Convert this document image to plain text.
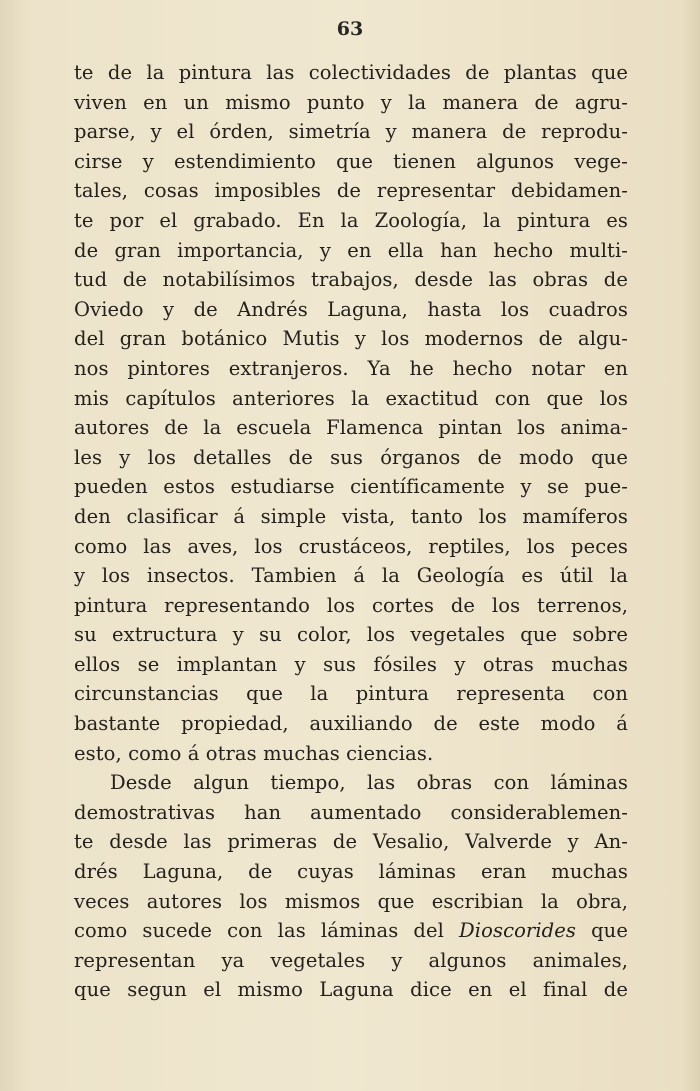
63
te de la pintura las colectividades de plantas que
viven en un mismo punto y la manera de agru-
parse, y el órden, simetría y manera de reprodu-
cirse y estendimiento que tienen algunos vege-
tales, cosas imposibles de representar debidamen-
te por el grabado. En la Zoología, la pintura es
de gran importancia, y en ella han hecho multi-
tud de notabilísimos trabajos, desde las obras de
Oviedo y de Andrés Laguna, hasta los cuadros
del gran botánico Mutis y los modernos de algu-
nos pintores extranjeros. Ya he hecho notar en
mis capítulos anteriores la exactitud con que los
autores de la escuela Flamenca pintan los anima-
les y los detalles de sus órganos de modo que
pueden estos estudiarse científicamente y se pue-
den clasificar á simple vista, tanto los mamíferos
como las aves, los crustáceos, reptiles, los peces
y los insectos. Tambien á la Geología es útil la
pintura representando los cortes de los terrenos,
su extructura y su color, los vegetales que sobre
ellos se implantan y sus fósiles y otras muchas
circunstancias que la pintura representa con
bastante propiedad, auxiliando de este modo á
esto, como á otras muchas ciencias.
Desde algun tiempo, las obras con láminas
demostrativas han aumentado considerablemen-
te desde las primeras de Vesalio, Valverde y An-
drés Laguna, de cuyas láminas eran muchas
veces autores los mismos que escribian la obra,
como sucede con las láminas del Dioscorides que
representan ya vegetales y algunos animales,
que segun el mismo Laguna dice en el final de
